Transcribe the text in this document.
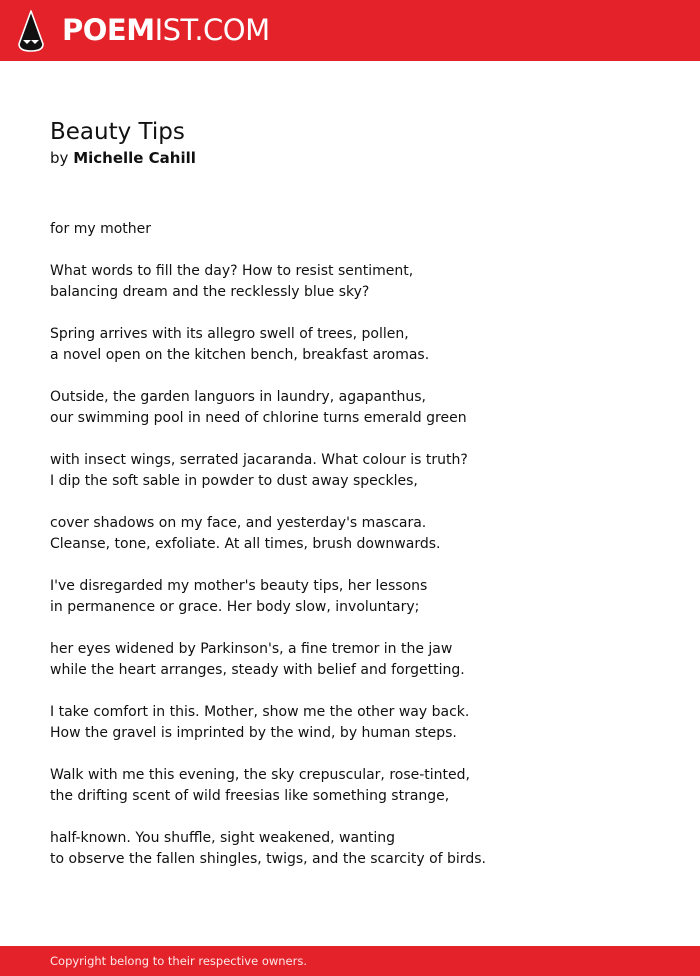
POEMIST.COM
Beauty Tips
by Michelle Cahill
for my mother
What words to fill the day? How to resist sentiment,
balancing dream and the recklessly blue sky?
Spring arrives with its allegro swell of trees, pollen,
a novel open on the kitchen bench, breakfast aromas.
Outside, the garden languors in laundry, agapanthus,
our swimming pool in need of chlorine turns emerald green
with insect wings, serrated jacaranda. What colour is truth?
I dip the soft sable in powder to dust away speckles,
cover shadows on my face, and yesterday's mascara.
Cleanse, tone, exfoliate. At all times, brush downwards.
I've disregarded my mother's beauty tips, her lessons
in permanence or grace. Her body slow, involuntary;
her eyes widened by Parkinson's, a fine tremor in the jaw
while the heart arranges, steady with belief and forgetting.
I take comfort in this. Mother, show me the other way back.
How the gravel is imprinted by the wind, by human steps.
Walk with me this evening, the sky crepuscular, rose-tinted,
the drifting scent of wild freesias like something strange,
half-known. You shuffle, sight weakened, wanting
to observe the fallen shingles, twigs, and the scarcity of birds.
Copyright belong to their respective owners.
